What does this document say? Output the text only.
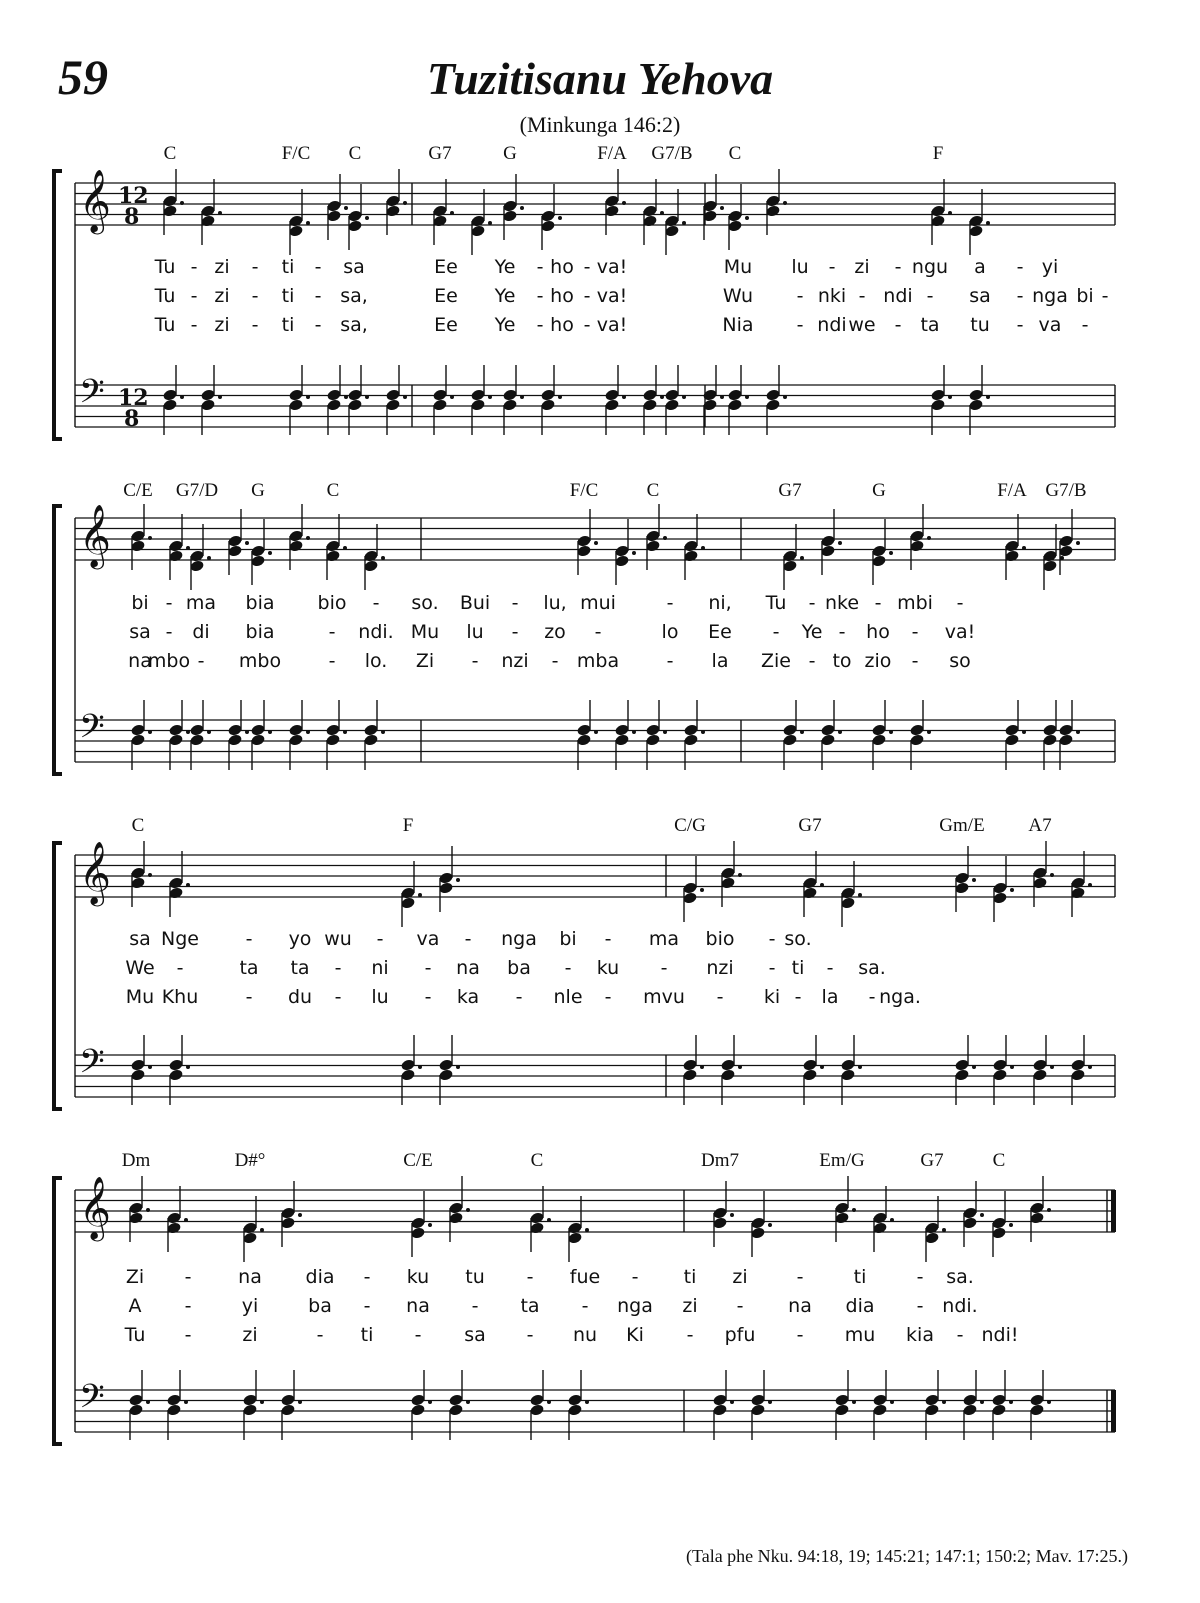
59	Tuzitisanu Yehova
(Minkunga 146:2)
C	F/C C	G7	G	F/A G7/B C	F
𝄞
𝄢
12
8
12
8
Tu - zi - ti - sa	Ee Ye - ho - va!	Mu lu - zi - ngu a - yi
Tu - zi - ti - sa,	Ee Ye - ho - va!	Wu - nki - ndi - sa - nga bi -
Tu - zi - ti - sa,	Ee Ye - ho - va!	Nia - ndi we - ta tu - va -
C/E G7/D G	C	F/C	C	G7	G	F/A G7/B
𝄞
𝄢
bi - ma bia bio - so. Bui - lu, mui	- ni, Tu - nke - mbi -
sa - di bia	- ndi. Mu lu - zo -	lo Ee - Ye - ho - va!
na
mbo - mbo - lo. Zi - nzi - mba - la Zie - to zio - so
C	F	C/G	G7	Gm/E A7
𝄞
𝄢
sa Nge - yo wu - va - nga bi - ma bio - so.
We -	ta ta - ni - na ba - ku - nzi - ti - sa.
Mu Khu - du - lu - ka - nle - mvu - ki - la - nga.
Dm	D#°	C/E	C	Dm7	Em/G	G7	C
𝄞
𝄢
Zi - na dia - ku tu - fue - ti zi	-	ti	- sa.
A -	yi	ba - na - ta - nga zi - na dia - ndi.
Tu -	zi	- ti - sa - nu Ki - pfu - mu kia - ndi!
(Tala phe Nku. 94:18, 19; 145:21; 147:1; 150:2; Mav. 17:25.)
